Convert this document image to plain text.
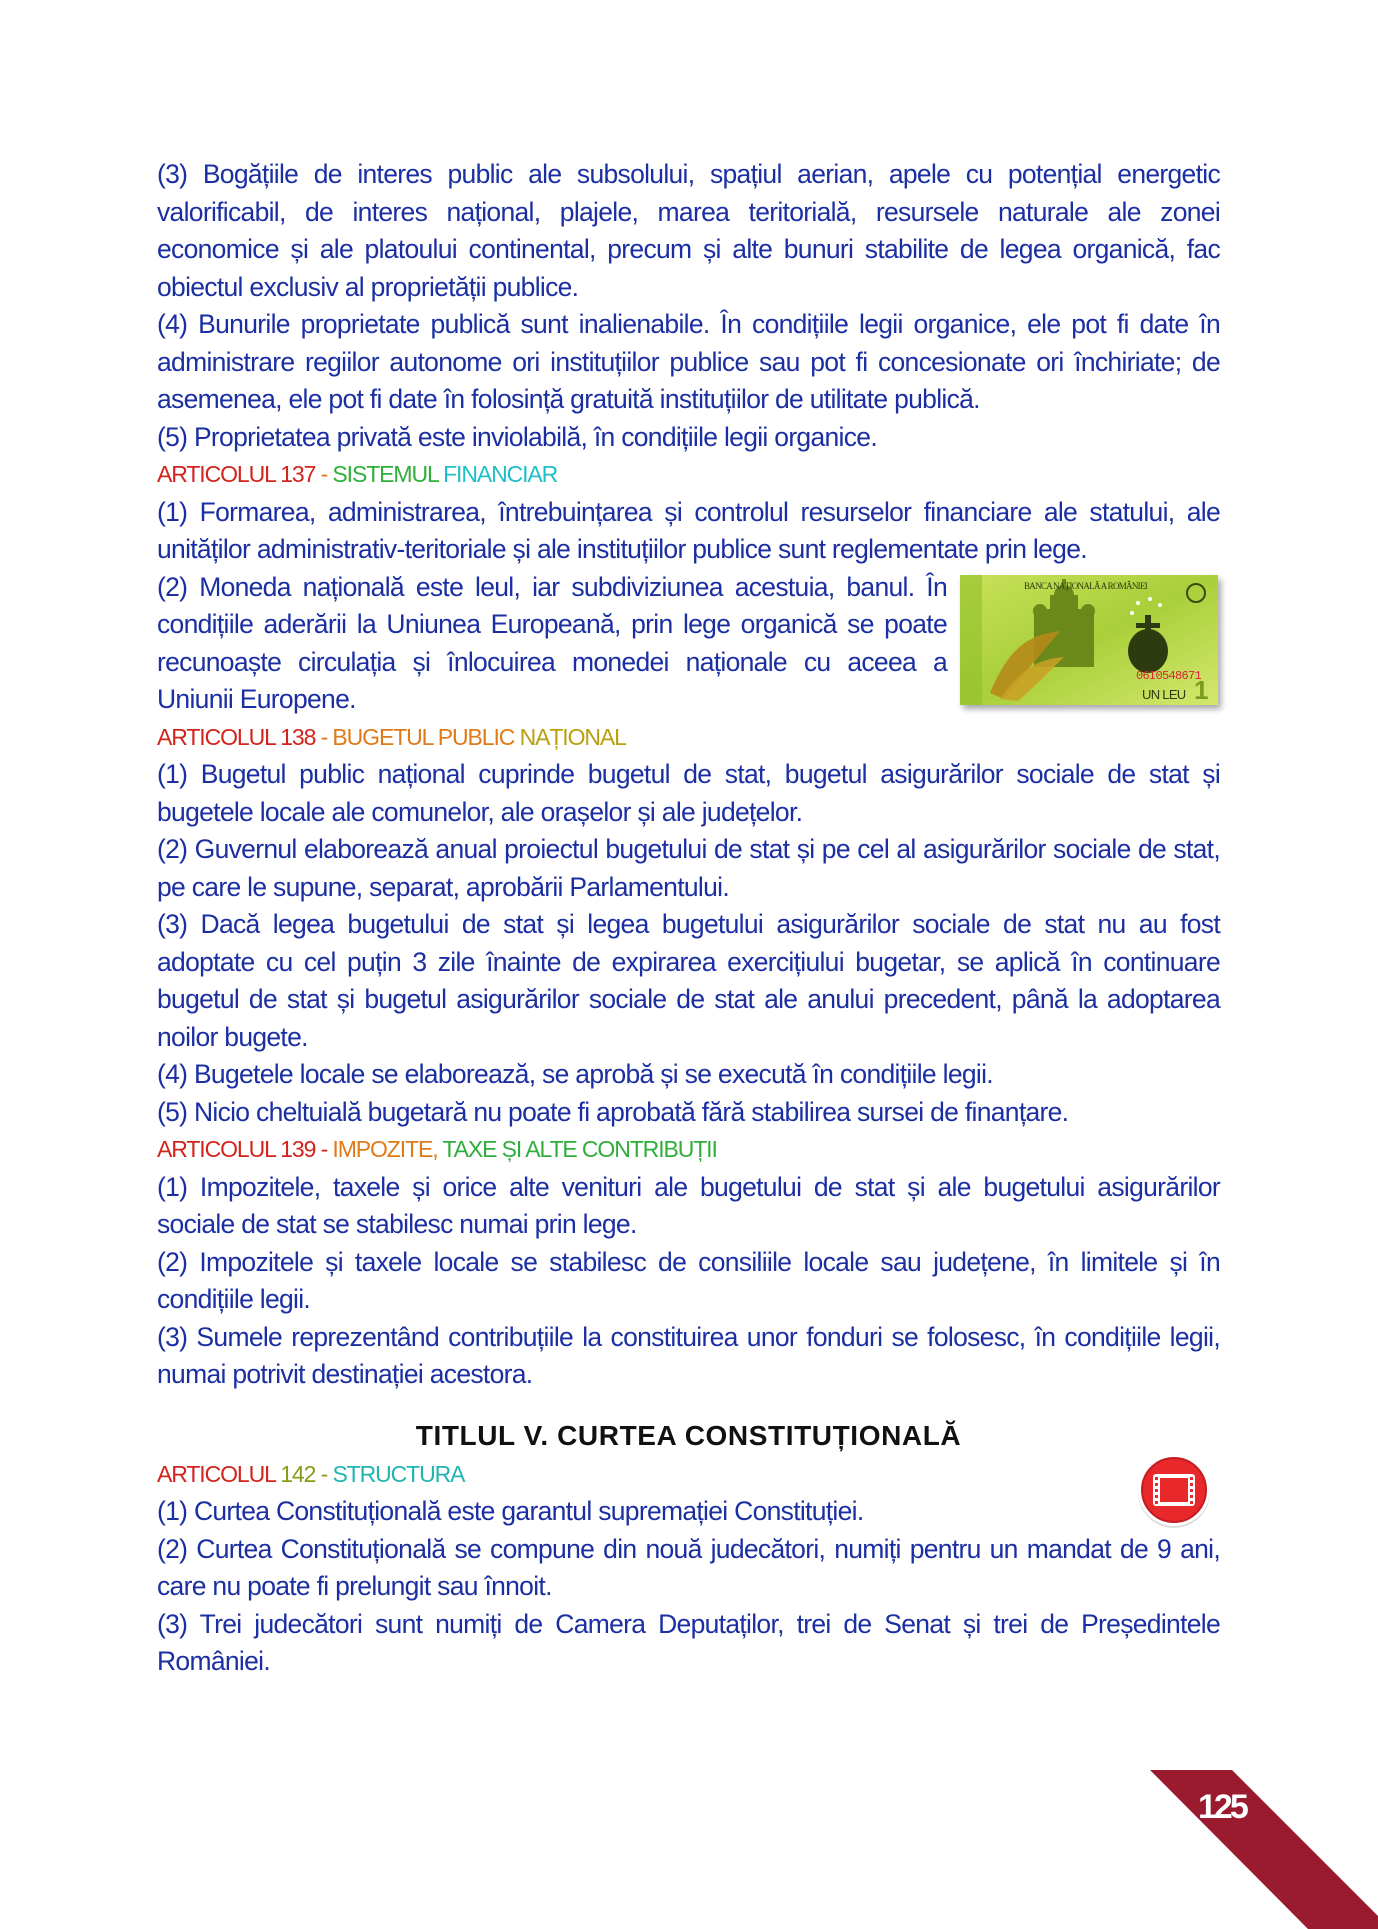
(3) Bogățiile de interes public ale subsolului, spațiul aerian, apele cu potențial energetic valorificabil, de interes național, plajele, marea teritorială, resursele naturale ale zonei economice și ale platoului continental, precum și alte bunuri stabilite de legea organică, fac obiectul exclusiv al proprietății publice.

(4) Bunurile proprietate publică sunt inalienabile. În condițiile legii organice, ele pot fi date în administrare regiilor autonome ori instituțiilor publice sau pot fi concesionate ori închiriate; de asemenea, ele pot fi date în folosință gratuită instituțiilor de utilitate publică.

(5) Proprietatea privată este inviolabilă, în condițiile legii organice.

ARTICOLUL 137 - SISTEMUL FINANCIAR

(1) Formarea, administrarea, întrebuințarea și controlul resurselor financiare ale statului, ale unităților administrativ-teritoriale și ale instituțiilor publice sunt reglementate prin lege.

(2) Moneda națională este leul, iar subdiviziunea acestuia, banul. În condițiile aderării la Uniunea Europeană, prin lege organică se poate recunoaște circulația și înlocuirea monedei naționale cu aceea a Uniunii Europene.

BANCA NAȚIONALĂ A ROMÂNIEI
06I0548671
UN LEU 1
ARTICOLUL 138 - BUGETUL PUBLIC NAȚIONAL

(1) Bugetul public național cuprinde bugetul de stat, bugetul asigurărilor sociale de stat și bugetele locale ale comunelor, ale orașelor și ale județelor.

(2) Guvernul elaborează anual proiectul bugetului de stat și pe cel al asigurărilor sociale de stat, pe care le supune, separat, aprobării Parlamentului.

(3) Dacă legea bugetului de stat și legea bugetului asigurărilor sociale de stat nu au fost adoptate cu cel puțin 3 zile înainte de expirarea exercițiului bugetar, se aplică în continuare bugetul de stat și bugetul asigurărilor sociale de stat ale anului precedent, până la adoptarea noilor bugete.

(4) Bugetele locale se elaborează, se aprobă și se execută în condițiile legii.

(5) Nicio cheltuială bugetară nu poate fi aprobată fără stabilirea sursei de finanțare.

ARTICOLUL 139 - IMPOZITE, TAXE ȘI ALTE CONTRIBUȚII

(1) Impozitele, taxele și orice alte venituri ale bugetului de stat și ale bugetului asigurărilor sociale de stat se stabilesc numai prin lege.

(2) Impozitele și taxele locale se stabilesc de consiliile locale sau județene, în limitele și în condițiile legii.

(3) Sumele reprezentând contribuțiile la constituirea unor fonduri se folosesc, în condițiile legii, numai potrivit destinației acestora.

TITLUL V. CURTEA CONSTITUȚIONALĂ
ARTICOLUL 142 - STRUCTURA

(1) Curtea Constituțională este garantul supremației Constituției.

(2) Curtea Constituțională se compune din nouă judecători, numiți pentru un mandat de 9 ani, care nu poate fi prelungit sau înnoit.

(3) Trei judecători sunt numiți de Camera Deputaților, trei de Senat și trei de Președintele României.

125
